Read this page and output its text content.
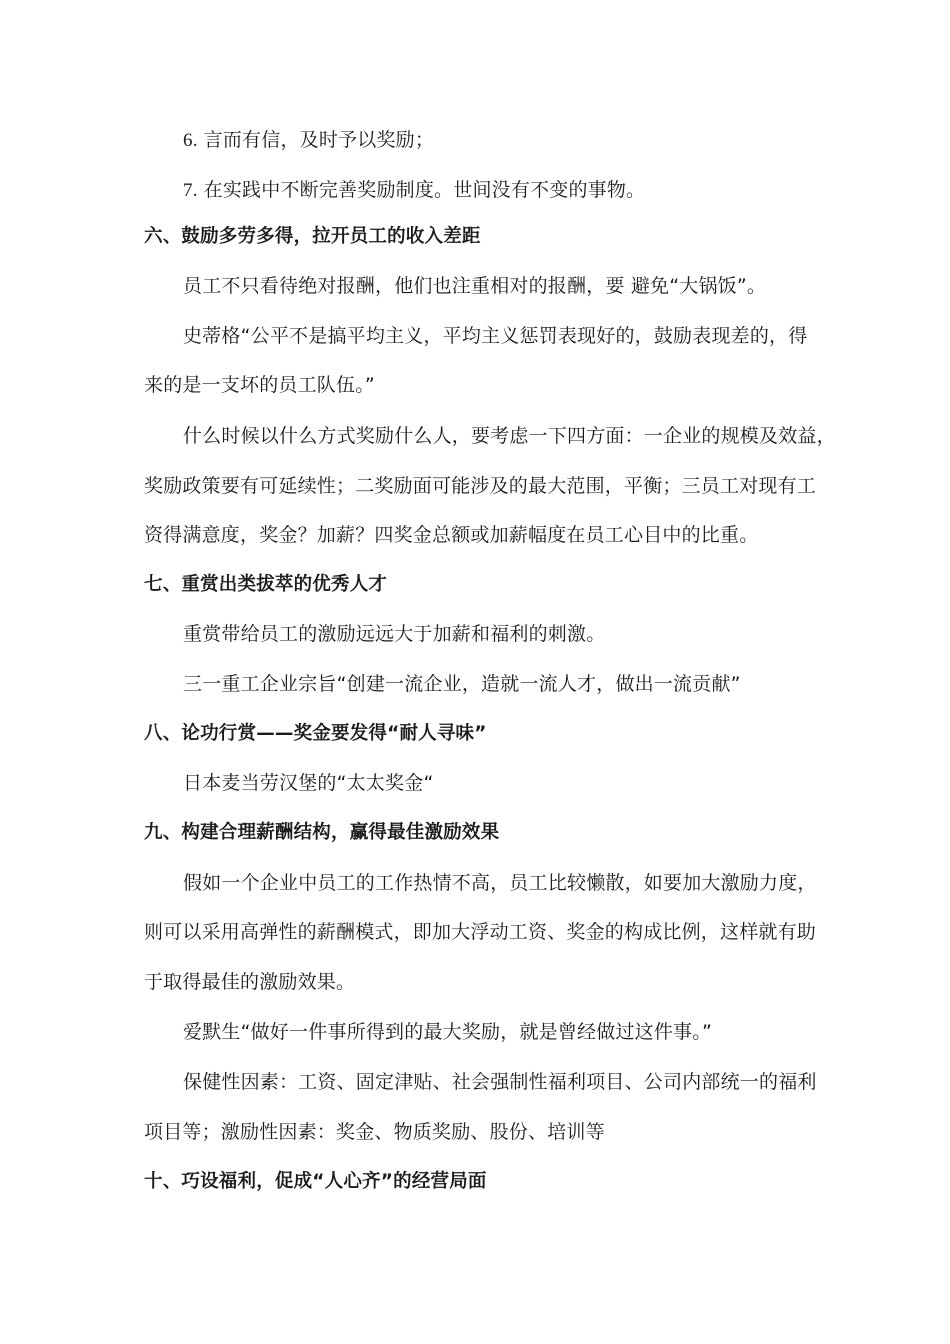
6. 言而有信，及时予以奖励；
7. 在实践中不断完善奖励制度。世间没有不变的事物。
六、鼓励多劳多得，拉开员工的收入差距
员工不只看待绝对报酬，他们也注重相对的报酬，要 避免“大锅饭”。
史蒂格“公平不是搞平均主义，平均主义惩罚表现好的，鼓励表现差的，得
来的是一支坏的员工队伍。”
什么时候以什么方式奖励什么人，要考虑一下四方面：一企业的规模及效益，
奖励政策要有可延续性；二奖励面可能涉及的最大范围，平衡；三员工对现有工
资得满意度，奖金？加薪？四奖金总额或加薪幅度在员工心目中的比重。
七、重赏出类拔萃的优秀人才
重赏带给员工的激励远远大于加薪和福利的刺激。
三一重工企业宗旨“创建一流企业，造就一流人才，做出一流贡献”
八、论功行赏——奖金要发得“耐人寻味”
日本麦当劳汉堡的“太太奖金“
九、构建合理薪酬结构，赢得最佳激励效果
假如一个企业中员工的工作热情不高，员工比较懒散，如要加大激励力度，
则可以采用高弹性的薪酬模式，即加大浮动工资、奖金的构成比例，这样就有助
于取得最佳的激励效果。
爱默生“做好一件事所得到的最大奖励，就是曾经做过这件事。”
保健性因素：工资、固定津贴、社会强制性福利项目、公司内部统一的福利
项目等；激励性因素：奖金、物质奖励、股份、培训等
十、巧设福利，促成“人心齐”的经营局面
